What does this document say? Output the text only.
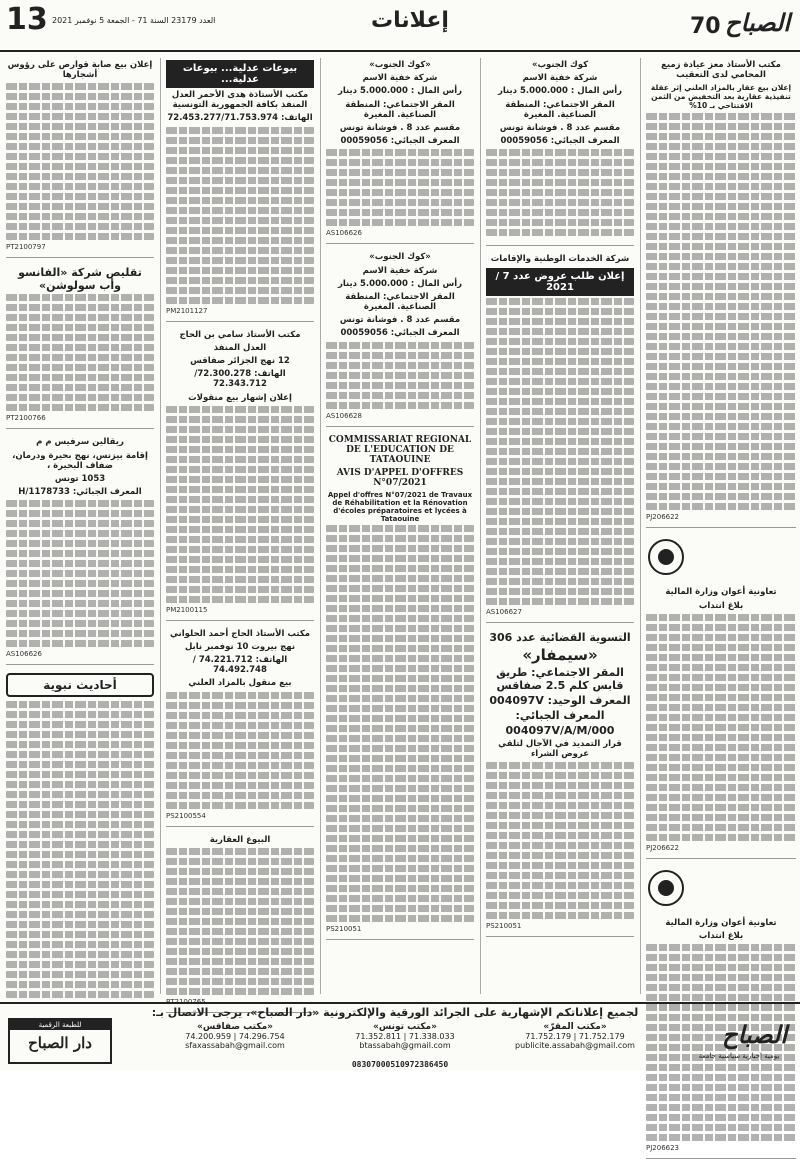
13 العدد 23179 السنة 71 - الجمعة 5 نوفمبر 2021	إعلانات	الصباح
70
مكتب الأستاذ معز عيادة زميع المحامي لدى التعقيب
إعلان بيع عقار بالمزاد العلني إثر عقلة تنفيذية عقارية بعد التخفيض من الثمن الافتتاحي بـ 10%
PJ206622
تعاونية أعوان وزارة المالية
بلاغ انتداب
PJ206622
تعاونية أعوان وزارة المالية
بلاغ انتداب
PJ206623
كوك الجنوب»
شركة خفية الاسم
رأس المال : 5.000.000 دينار
المقر الاجتماعي: المنطقة الصناعية. المغيرة
مقسم عدد 8 . فوشانة تونس
المعرف الجبائي: 00059056
شركة الخدمات الوطنية والإقامات
إعلان طلب عروض عدد 7 / 2021
AS106627
التسوية القضائية عدد 306
«سيمفار»
المقر الاجتماعي: طريق قابس كلم 2.5 صفاقس
المعرف الوحيد: 004097V
المعرف الجبائي:
004097V/A/M/000
قرار التمديد في الآجال لتلقي عروض الشراء
PS210051
«كوك الجنوب»
شركة خفية الاسم
رأس المال : 5.000.000 دينار
المقر الاجتماعي: المنطقة الصناعية. المغيرة
مقسم عدد 8 . فوشانة تونس
المعرف الجبائي: 00059056
AS106626
«كوك الجنوب»
شركة خفية الاسم
رأس المال : 5.000.000 دينار
المقر الاجتماعي: المنطقة الصناعية. المغيرة
مقسم عدد 8 . فوشانة تونس
المعرف الجبائي: 00059056
AS106628
COMMISSARIAT REGIONAL DE L'EDUCATION DE TATAOUINE
AVIS D'APPEL D'OFFRES N°07/2021
Appel d'offres N°07/2021 de Travaux de Réhabilitation et la Rénovation d'écoles préparatoires et lycées à Tataouine
PS210051
بيوعات عدلية... بيوعات عدلية...
مكتب الأستاذة هدى الأحمر العدل المنفذ بكافة الجمهورية التونسية
الهاتف: 72.453.277/71.753.974
PM2101127
مكتب الأستاذ سامي بن الحاج
العدل المنفذ
12 نهج الجزائر صفاقس
الهاتف: 72.300.278/ 72.343.712
إعلان إشهار بيع منقولات
PM2100115
مكتب الأستاذ الحاج أحمد الحلواني
نهج بيروت 10 نوفمبر نابل
الهاتف: 74.221.712 / 74.492.748
بيع منقول بالمزاد العلني
PS2100554
البيوع العقارية
PT2100765
إعلان بيع صابة قوارص على رؤوس أشجارها
PT2100797
تقليص شركة «الفانسو وأب سولوشن»
PT2100766
ريقالين سرفيس م م
إقامة بيزنس، نهج بحيرة ودرمان، ضفاف البحيرة ،
1053 تونس
المعرف الجبائي: 1178733/H
AS106626
أحاديث نبوية
لجميع إعلاناتكم الإشهارية على الجرائد الورقية والإلكترونية «دار الصباح»، يرجى الاتصال بـ:
«مكتب المقرّ»
71.752.179 | 71.752.179
publicite.assabah@gmail.com
«مكتب تونس»
71.338.033 | 71.352.811
btassabah@gmail.com
«مكتب صفاقس»
74.296.754 | 74.200.959
sfaxassabah@gmail.com	الصباح
يومية إخبارية سياسية جامعة
للطبعة الرقمية
دار الصباح
08307000510972386450
